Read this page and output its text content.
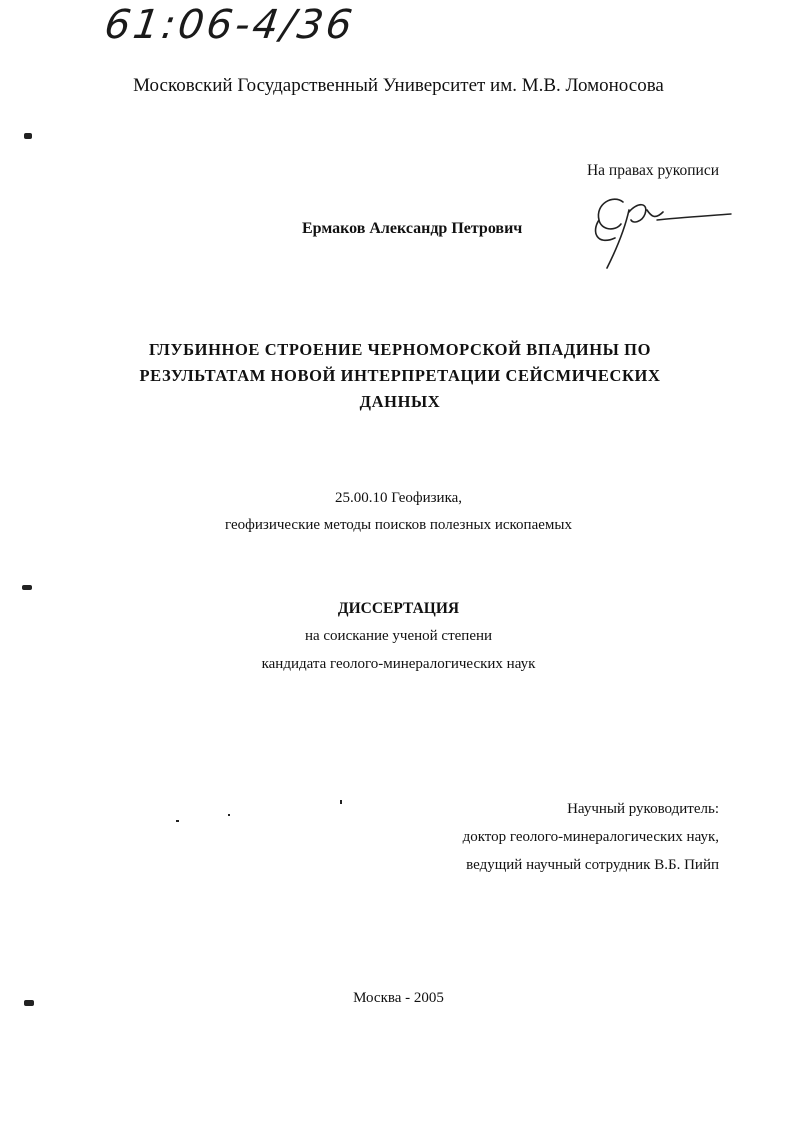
61:06-4/36
Московский Государственный Университет им. М.В. Ломоносова
На правах рукописи
Ермаков Александр Петрович
ГЛУБИННОЕ СТРОЕНИЕ ЧЕРНОМОРСКОЙ ВПАДИНЫ ПО РЕЗУЛЬТАТАМ НОВОЙ ИНТЕРПРЕТАЦИИ СЕЙСМИЧЕСКИХ ДАННЫХ
25.00.10 Геофизика,
геофизические методы поисков полезных ископаемых
ДИССЕРТАЦИЯ
на соискание ученой степени
кандидата геолого-минералогических наук
Научный руководитель:
доктор геолого-минералогических наук,
ведущий научный сотрудник В.Б. Пийп
Москва - 2005
